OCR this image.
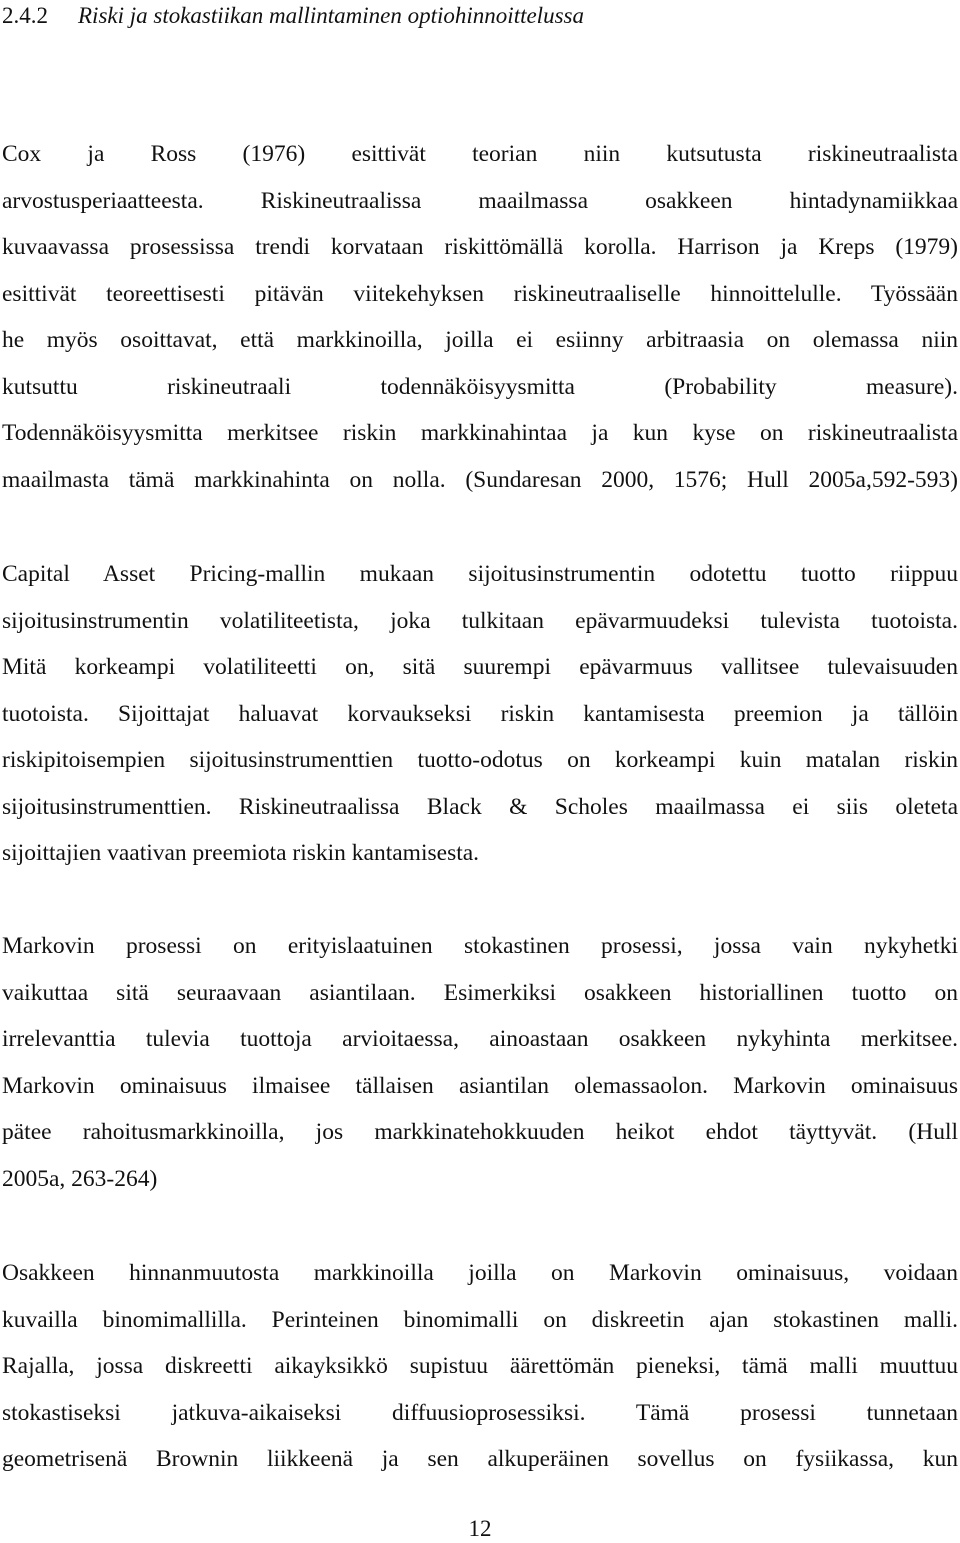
2.4.2 Riski ja stokastiikan mallintaminen optiohinnoittelussa
Cox ja Ross (1976) esittivät teorian niin kutsutusta riskineutraalista
arvostusperiaatteesta. Riskineutraalissa maailmassa osakkeen hintadynamiikkaa
kuvaavassa prosessissa trendi korvataan riskittömällä korolla. Harrison ja Kreps (1979)
esittivät teoreettisesti pitävän viitekehyksen riskineutraaliselle hinnoittelulle. Työssään
he myös osoittavat, että markkinoilla, joilla ei esiinny arbitraasia on olemassa niin
kutsuttu riskineutraali todennäköisyysmitta (Probability measure).
Todennäköisyysmitta merkitsee riskin markkinahintaa ja kun kyse on riskineutraalista
maailmasta tämä markkinahinta on nolla. (Sundaresan 2000, 1576; Hull 2005a,592-593)
Capital Asset Pricing-mallin mukaan sijoitusinstrumentin odotettu tuotto riippuu
sijoitusinstrumentin volatiliteetista, joka tulkitaan epävarmuudeksi tulevista tuotoista.
Mitä korkeampi volatiliteetti on, sitä suurempi epävarmuus vallitsee tulevaisuuden
tuotoista. Sijoittajat haluavat korvaukseksi riskin kantamisesta preemion ja tällöin
riskipitoisempien sijoitusinstrumenttien tuotto-odotus on korkeampi kuin matalan riskin
sijoitusinstrumenttien. Riskineutraalissa Black & Scholes maailmassa ei siis oleteta
sijoittajien vaativan preemiota riskin kantamisesta.
Markovin prosessi on erityislaatuinen stokastinen prosessi, jossa vain nykyhetki
vaikuttaa sitä seuraavaan asiantilaan. Esimerkiksi osakkeen historiallinen tuotto on
irrelevanttia tulevia tuottoja arvioitaessa, ainoastaan osakkeen nykyhinta merkitsee.
Markovin ominaisuus ilmaisee tällaisen asiantilan olemassaolon. Markovin ominaisuus
pätee rahoitusmarkkinoilla, jos markkinatehokkuuden heikot ehdot täyttyvät. (Hull
2005a, 263-264)
Osakkeen hinnanmuutosta markkinoilla joilla on Markovin ominaisuus, voidaan
kuvailla binomimallilla. Perinteinen binomimalli on diskreetin ajan stokastinen malli.
Rajalla, jossa diskreetti aikayksikkö supistuu äärettömän pieneksi, tämä malli muuttuu
stokastiseksi jatkuva-aikaiseksi diffuusioprosessiksi. Tämä prosessi tunnetaan
geometrisenä Brownin liikkeenä ja sen alkuperäinen sovellus on fysiikassa, kun
12
